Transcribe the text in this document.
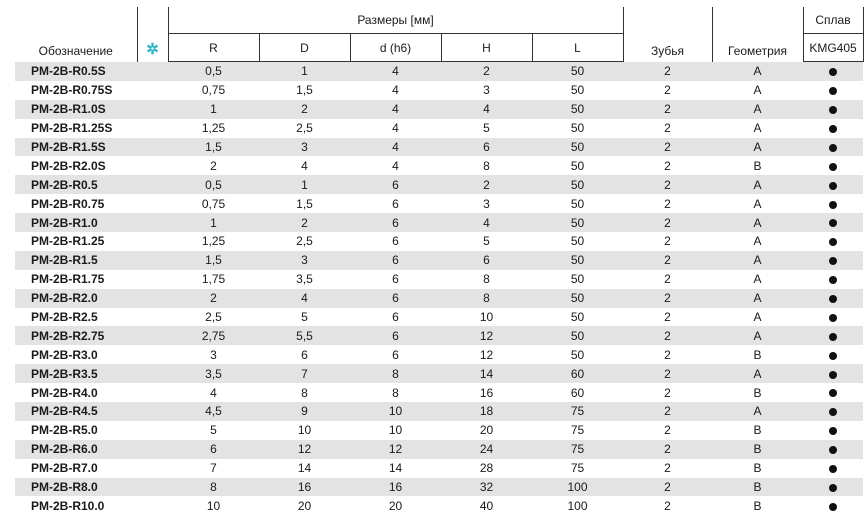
Обозначение	✲	Размеры [мм]					Зубья	Геометрия	Сплав
		R	D	d (h6)	H	L			KMG405
PM-2B-R0.5S		0,5	1	4	2	50	2	A	
PM-2B-R0.75S		0,75	1,5	4	3	50	2	A	
PM-2B-R1.0S		1	2	4	4	50	2	A	
PM-2B-R1.25S		1,25	2,5	4	5	50	2	A	
PM-2B-R1.5S		1,5	3	4	6	50	2	A	
PM-2B-R2.0S		2	4	4	8	50	2	B	
PM-2B-R0.5		0,5	1	6	2	50	2	A	
PM-2B-R0.75		0,75	1,5	6	3	50	2	A	
PM-2B-R1.0		1	2	6	4	50	2	A	
PM-2B-R1.25		1,25	2,5	6	5	50	2	A	
PM-2B-R1.5		1,5	3	6	6	50	2	A	
PM-2B-R1.75		1,75	3,5	6	8	50	2	A	
PM-2B-R2.0		2	4	6	8	50	2	A	
PM-2B-R2.5		2,5	5	6	10	50	2	A	
PM-2B-R2.75		2,75	5,5	6	12	50	2	A	
PM-2B-R3.0		3	6	6	12	50	2	B	
PM-2B-R3.5		3,5	7	8	14	60	2	A	
PM-2B-R4.0		4	8	8	16	60	2	B	
PM-2B-R4.5		4,5	9	10	18	75	2	A	
PM-2B-R5.0		5	10	10	20	75	2	B	
PM-2B-R6.0		6	12	12	24	75	2	B	
PM-2B-R7.0		7	14	14	28	75	2	B	
PM-2B-R8.0		8	16	16	32	100	2	B	
PM-2B-R10.0		10	20	20	40	100	2	B	
